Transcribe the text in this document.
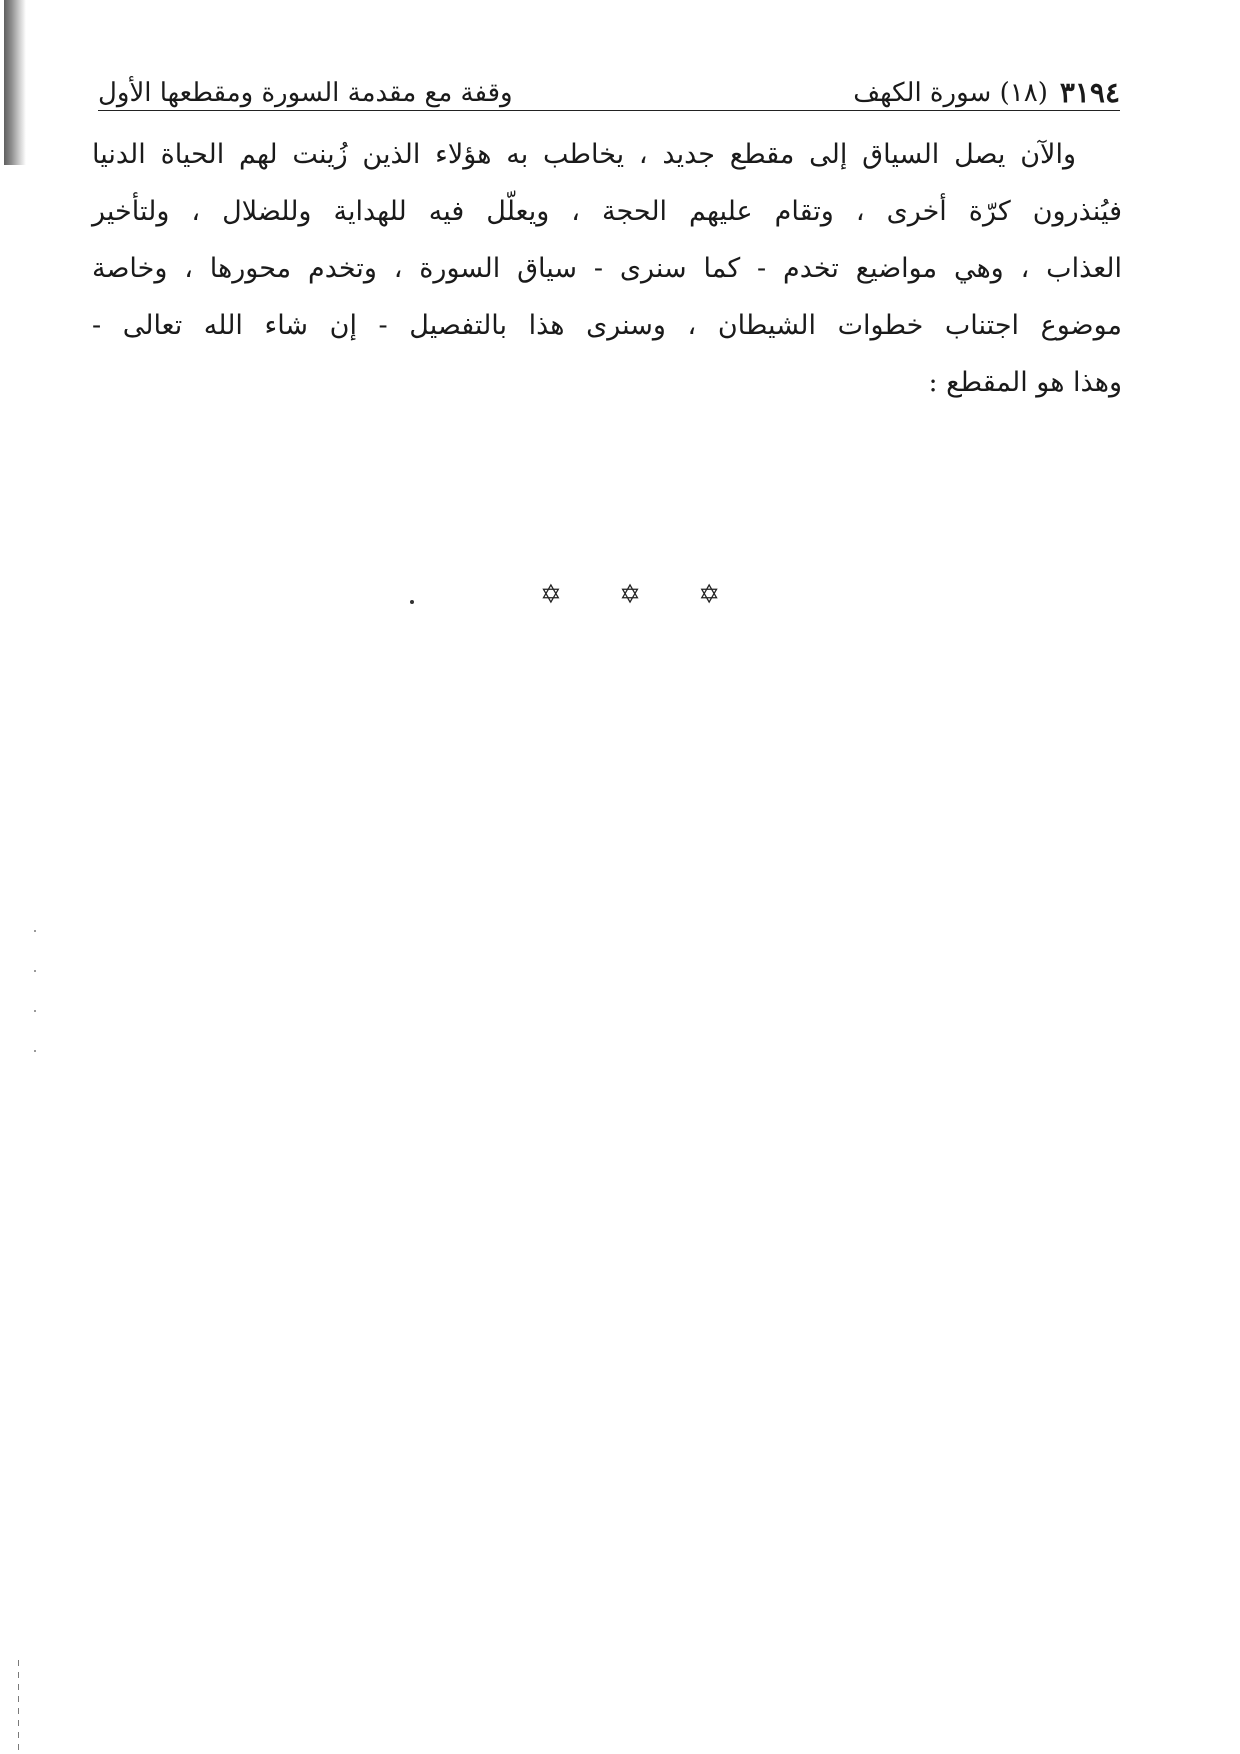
٣١٩٤
(١٨) سورة الكهف
وقفة مع مقدمة السورة ومقطعها الأول
والآن يصل السياق إلى مقطع جديد ، يخاطب به هؤلاء الذين زُينت لهم الحياة الدنيا
فيُنذرون كرّة أخرى ، وتقام عليهم الحجة ، ويعلّل فيه للهداية وللضلال ، ولتأخير
العذاب ، وهي مواضيع تخدم - كما سنرى - سياق السورة ، وتخدم محورها ، وخاصة
موضوع اجتناب خطوات الشيطان ، وسنرى هذا بالتفصيل - إن شاء الله تعالى -
وهذا هو المقطع :
✡ ✡ ✡
